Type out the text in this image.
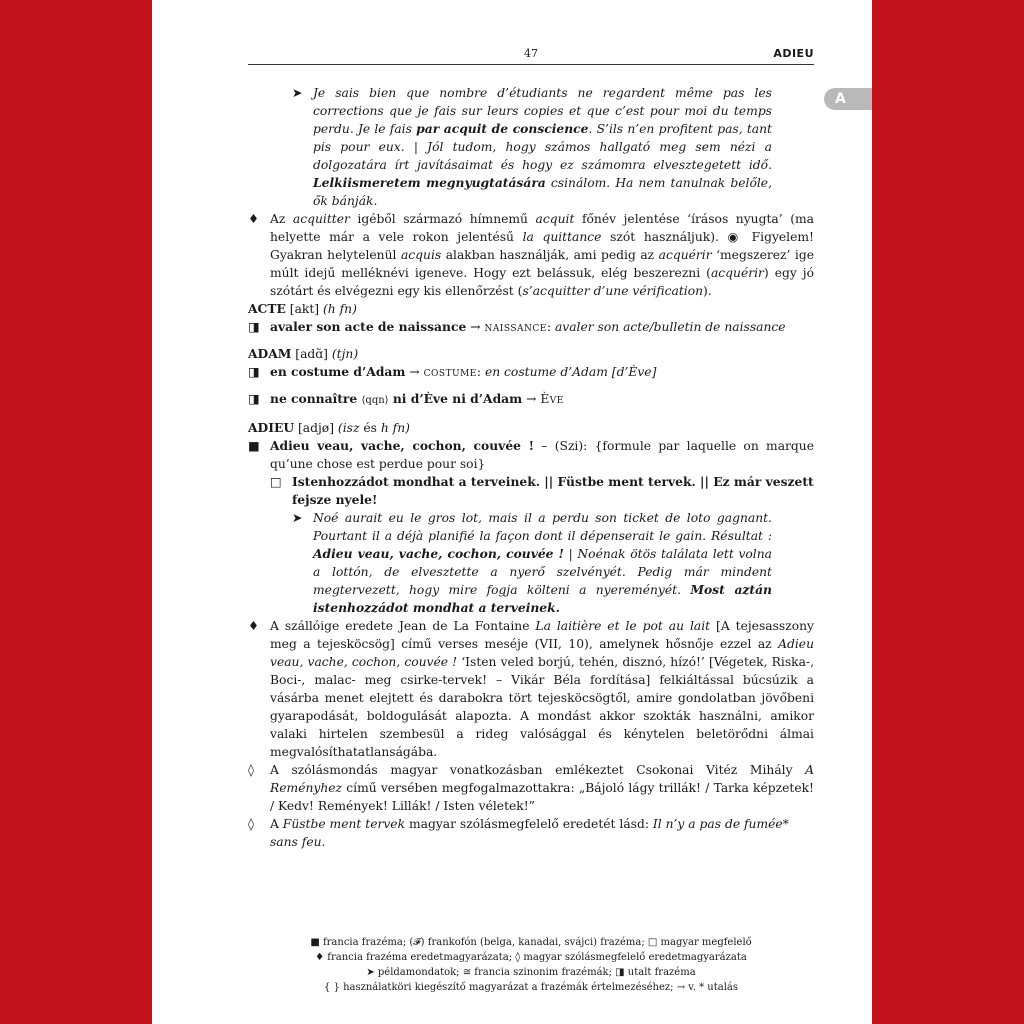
47	ADIEU
A
➤ Je sais bien que nombre d’étudiants ne regardent même pas les corrections que je fais sur leurs copies et que c’est pour moi du temps perdu. Je le fais par acquit de conscience. S’ils n’en profitent pas, tant pis pour eux. | Jól tudom, hogy számos hallgató meg sem nézi a dolgozatára írt javításaimat és hogy ez számomra elvesztegetett idő. Lelkiismeretem megnyugtatására csinálom. Ha nem tanulnak belőle, ők bánják.

♦ Az acquitter igéből származó hímnemű acquit főnév jelentése ‘írásos nyugta’ (ma helyette már a vele rokon jelentésű la quittance szót használjuk). ◉ Figyelem! Gyakran helytelenül acquis alakban használják, ami pedig az acquérir ‘megszerez’ ige múlt idejű melléknévi igeneve. Hogy ezt belássuk, elég beszerezni (acquérir) egy jó szótárt és elvégezni egy kis ellenőrzést (s’acquitter d’une vérification).

ACTE [akt] (h fn)

◨ avaler son acte de naissance → naissance: avaler son acte/bulletin de naissance

ADAM [adɑ̃] (tjn)

◨ en costume d’Adam → costume: en costume d’Adam [d’Ève]

◨ ne connaître ⟨qqn⟩ ni d’Ève ni d’Adam → Ève

ADIEU [adjø] (isz és h fn)

■ Adieu veau, vache, cochon, couvée ! – (Szi): {formule par laquelle on marque qu’une chose est perdue pour soi}

□ Istenhozzádot mondhat a terveinek. || Füstbe ment tervek. || Ez már veszett fejsze nyele!

➤ Noé aurait eu le gros lot, mais il a perdu son ticket de loto gagnant. Pourtant il a déjà planifié la façon dont il dépenserait le gain. Résultat : Adieu veau, vache, cochon, couvée ! | Noénak ötös találata lett volna a lottón, de elvesztette a nyerő szelvényét. Pedig már mindent megtervezett, hogy mire fogja költeni a nyereményét. Most aztán istenhozzádot mondhat a terveinek.

♦ A szállóige eredete Jean de La Fontaine La laitière et le pot au lait [A tejesasszony meg a tejesköcsög] című verses meséje (VII, 10), amelynek hősnője ezzel az Adieu veau, vache, cochon, couvée ! ‘Isten veled borjú, tehén, disznó, hízó!’ [Végetek, Riska-, Boci-, malac- meg csirke-tervek! – Vikár Béla fordítása] felkiáltással búcsúzik a vásárba menet elejtett és darabokra tört tejesköcsögtől, amire gondolatban jövőbeni gyarapodását, boldogulását alapozta. A mondást akkor szokták használni, amikor valaki hirtelen szembesül a rideg valósággal és kénytelen beletörődni álmai megvalósíthatatlanságába.

◊	A szólásmondás magyar vonatkozásban emlékeztet Csokonai Vitéz Mihály A Reményhez című versében megfogalmazottakra: „Bájoló lágy trillák! / Tarka képzetek! / Kedv! Remények! Lillák! / Isten véletek!”

◊	A Füstbe ment tervek magyar szólásmegfelelő eredetét lásd: Il n’y a pas de fumée* sans feu.

■ francia frazéma; (𝓕) frankofón (belga, kanadai, svájci) frazéma; □ magyar megfelelő
♦ francia frazéma eredetmagyarázata; ◊ magyar szólásmegfelelő eredetmagyarázata
➤ példamondatok; ≅ francia szinonim frazémák; ◨ utalt frazéma
{ } használatköri kiegészítő magyarázat a frazémák értelmezéséhez; → v. * utalás
